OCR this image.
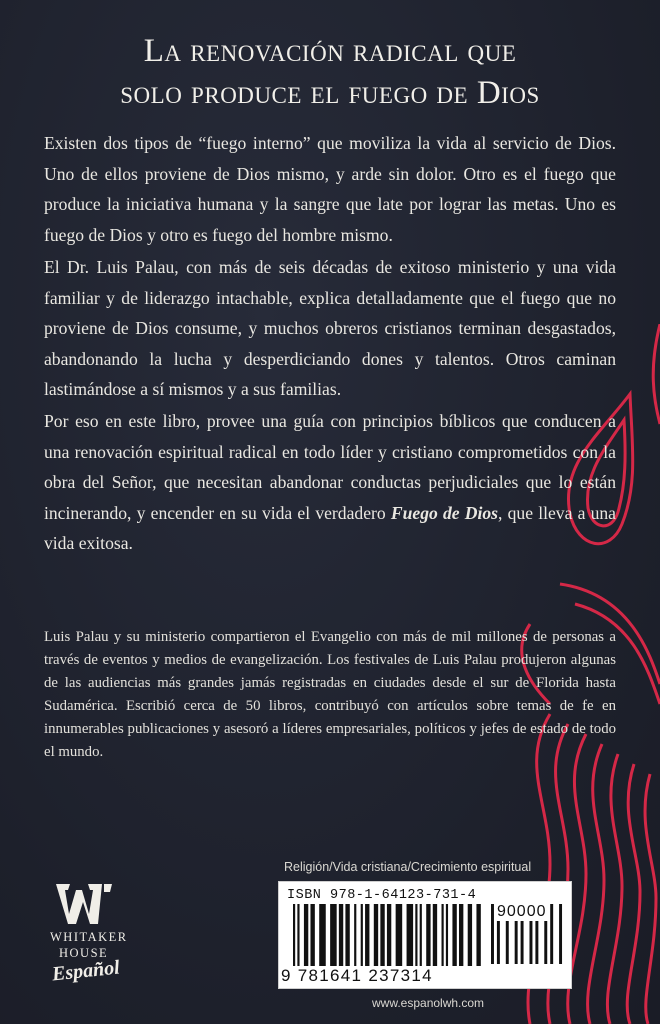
La renovación radical que
solo produce el fuego de Dios
Existen dos tipos de “fuego interno” que moviliza la vida al servicio de Dios. Uno de ellos proviene de Dios mismo, y arde sin dolor. Otro es el fuego que produce la iniciativa humana y la sangre que late por lograr las metas. Uno es fuego de Dios y otro es fuego del hombre mismo.
El Dr. Luis Palau, con más de seis décadas de exitoso ministerio y una vida familiar y de liderazgo intachable, explica detalladamente que el fuego que no proviene de Dios consume, y muchos obreros cristianos terminan desgastados, abandonando la lucha y desperdiciando dones y talentos. Otros caminan lastimándose a sí mismos y a sus familias.
Por eso en este libro, provee una guía con principios bíblicos que conducen a una renovación espiritual radical en todo líder y cristiano comprometidos con la obra del Señor, que necesitan abandonar conductas perjudiciales que lo están incinerando, y encender en su vida el verdadero Fuego de Dios, que lleva a una vida exitosa.
Luis Palau y su ministerio compartieron el Evangelio con más de mil millones de personas a través de eventos y medios de evangelización. Los festivales de Luis Palau produjeron algunas de las audiencias más grandes jamás registradas en ciudades desde el sur de Florida hasta Sudamérica. Escribió cerca de 50 libros, contribuyó con artículos sobre temas de fe en innumerables publicaciones y asesoró a líderes empresariales, políticos y jefes de estado de todo el mundo.
WHITAKER
HOUSE
Español
Religión/Vida cristiana/Crecimiento espiritual
ISBN 978-1-64123-731-4
90000
9 781641 237314
www.espanolwh.com
